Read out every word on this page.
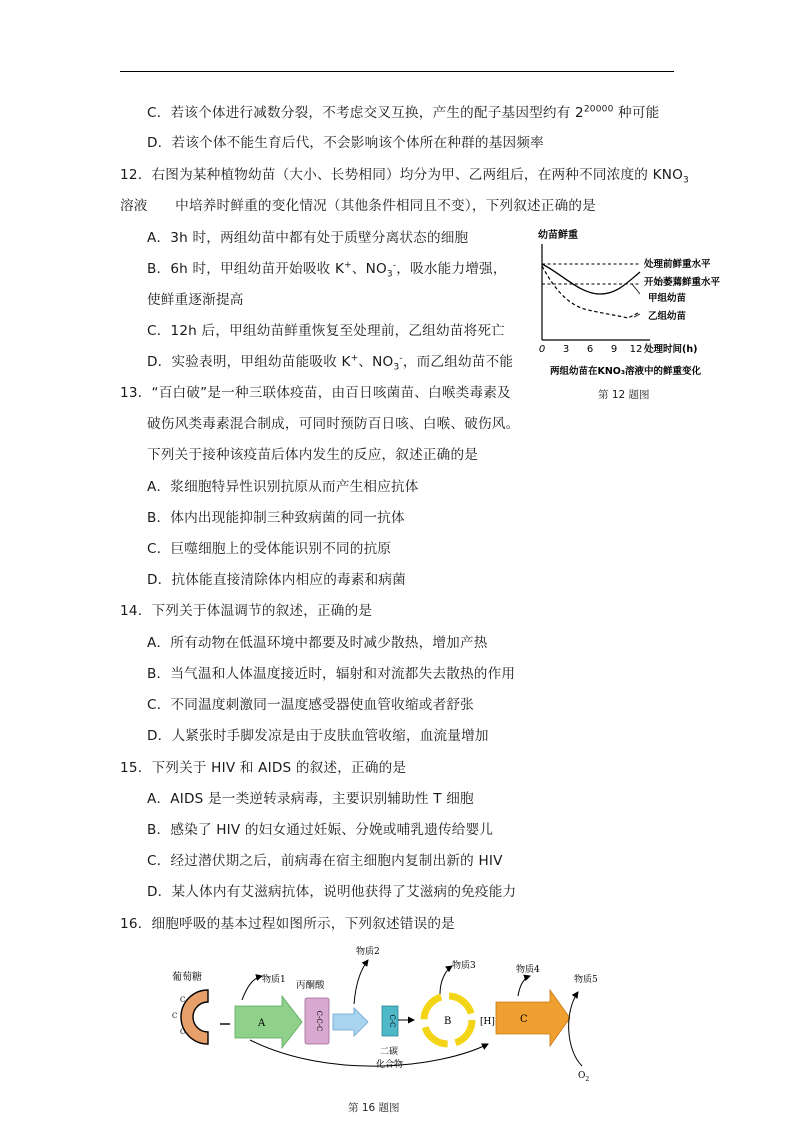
C．若该个体进行减数分裂，不考虑交叉互换，产生的配子基因型约有 $2^{20000}$ 种可能
D．若该个体不能生育后代，不会影响该个体所在种群的基因频率
12．右图为某种植物幼苗（大小、长势相同）均分为甲、乙两组后，在两种不同浓度的 $KNO_3$
溶液　　中培养时鲜重的变化情况（其他条件相同且不变），下列叙述正确的是
A．3h 时，两组幼苗中都有处于质壁分离状态的细胞
B．6h 时，甲组幼苗开始吸收 K+、$NO_3^-$，吸水能力增强，
使鲜重逐渐提高
C．12h 后，甲组幼苗鲜重恢复至处理前，乙组幼苗将死亡
D．实验表明，甲组幼苗能吸收 K+、$NO_3^-$，而乙组幼苗不能
幼苗鲜重
0 3 6 9 12 处理时间(h)
处理前鲜重水平
开始萎蔫鲜重水平
甲组幼苗
乙组幼苗
两组幼苗在KNO₃溶液中的鲜重变化
第 12 题图
13．“百白破”是一种三联体疫苗，由百日咳菌苗、白喉类毒素及
破伤风类毒素混合制成，可同时预防百日咳、白喉、破伤风。
下列关于接种该疫苗后体内发生的反应，叙述正确的是
A．浆细胞特异性识别抗原从而产生相应抗体
B．体内出现能抑制三种致病菌的同一抗体
C．巨噬细胞上的受体能识别不同的抗原
D．抗体能直接清除体内相应的毒素和病菌
14．下列关于体温调节的叙述，正确的是
A．所有动物在低温环境中都要及时减少散热，增加产热
B．当气温和人体温度接近时，辐射和对流都失去散热的作用
C．不同温度刺激同一温度感受器使血管收缩或者舒张
D．人紧张时手脚发凉是由于皮肤血管收缩，血流量增加
15．下列关于 HIV 和 AIDS 的叙述，正确的是
A．AIDS 是一类逆转录病毒，主要识别辅助性 T 细胞
B．感染了 HIV 的妇女通过妊娠、分娩或哺乳遗传给婴儿
C．经过潜伏期之后，前病毒在宿主细胞内复制出新的 HIV
D．某人体内有艾滋病抗体，说明他获得了艾滋病的免疫能力
16．细胞呼吸的基本过程如图所示，下列叙述错误的是
葡萄糖
C
C
C
A
物质1 丙酮酸
C-C-C
物质2
C-C
二碳
化合物
B
物质3
[H]	C
物质4
物质5
$O_2$
第 16 题图
